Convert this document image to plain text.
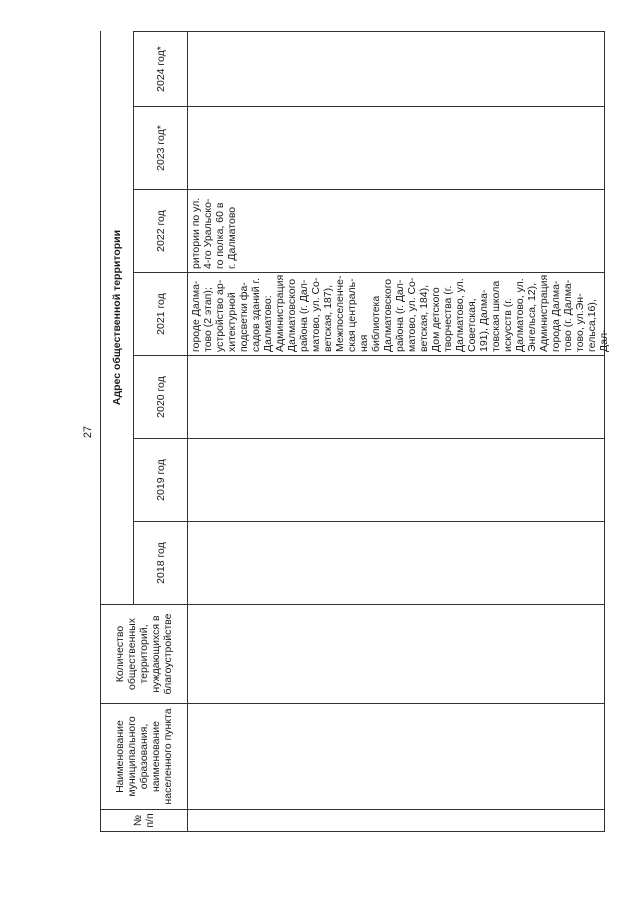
27
№
п/п
Наименование
муниципального
образования,
наименование
населенного пункта
Количество
общественных
территорий,
нуждающихся в
благоустройстве
Адрес общественной территории
2018 год
2019 год
2020 год
2021 год
2022 год
2023 год*
2024 год*
городе Далма-
тово (2 этап);
устройство ар-
хитектурной
подсветки фа-
садов зданий г.
Далматово:
Администрация
Далматовского
района (г. Дал-
матово, ул. Со-
ветская, 187),
Межпоселенче-
ская централь-
ная библиотека
Далматовского
района (г. Дал-
матово, ул. Со-
ветская, 184),
Дом детского
творчества (г.
Далматово, ул.
Советская,
191), Далма-
товская школа
искусств (г.
Далматово, ул.
Энгельса, 12),
Администрация
города Далма-
тово (г. Далма-
тово, ул.Эн-
гельса,16), Дал-
ритории по ул.
4-го Уральско-
го полка, 60 в
г. Далматово
